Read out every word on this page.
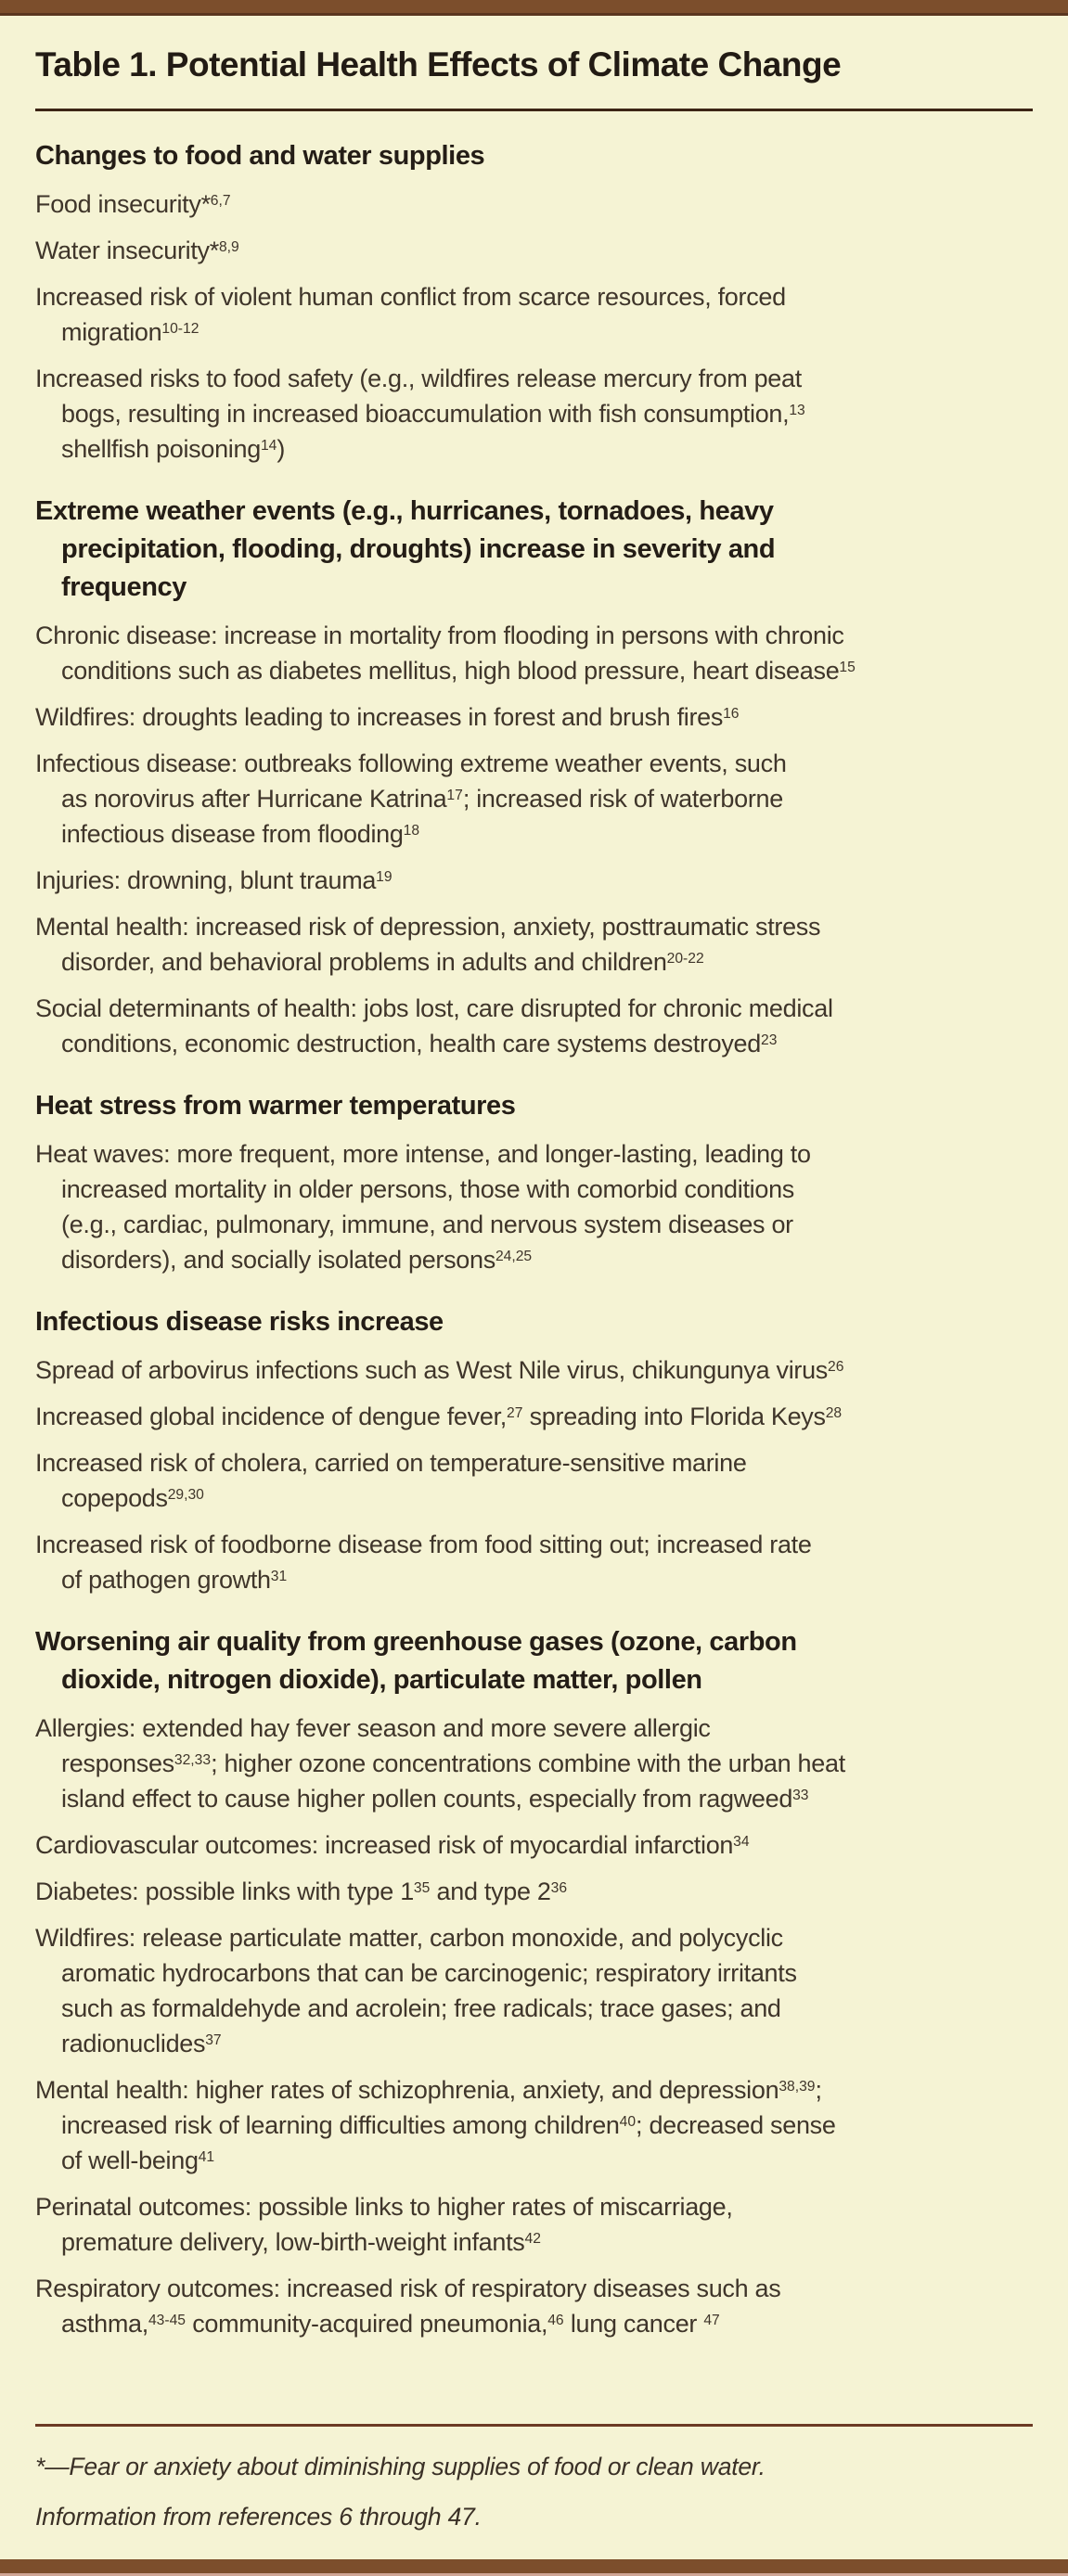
Table 1. Potential Health Effects of Climate Change
Changes to food and water supplies

Food insecurity*$^{6,7}$

Water insecurity*$^{8,9}$

Increased risk of violent human conflict from scarce resources, forced
migration$^{10-12}$

Increased risks to food safety (e.g., wildfires release mercury from peat
bogs, resulting in increased bioaccumulation with fish consumption,$^{13}$
shellfish poisoning$^{14}$)

Extreme weather events (e.g., hurricanes, tornadoes, heavy
precipitation, flooding, droughts) increase in severity and
frequency

Chronic disease: increase in mortality from flooding in persons with chronic
conditions such as diabetes mellitus, high blood pressure, heart disease$^{15}$

Wildfires: droughts leading to increases in forest and brush fires$^{16}$

Infectious disease: outbreaks following extreme weather events, such
as norovirus after Hurricane Katrina$^{17}$; increased risk of waterborne
infectious disease from flooding$^{18}$

Injuries: drowning, blunt trauma$^{19}$

Mental health: increased risk of depression, anxiety, posttraumatic stress
disorder, and behavioral problems in adults and children$^{20-22}$

Social determinants of health: jobs lost, care disrupted for chronic medical
conditions, economic destruction, health care systems destroyed$^{23}$

Heat stress from warmer temperatures

Heat waves: more frequent, more intense, and longer-lasting, leading to
increased mortality in older persons, those with comorbid conditions
(e.g., cardiac, pulmonary, immune, and nervous system diseases or
disorders), and socially isolated persons$^{24,25}$

Infectious disease risks increase

Spread of arbovirus infections such as West Nile virus, chikungunya virus$^{26}$

Increased global incidence of dengue fever,$^{27}$ spreading into Florida Keys$^{28}$

Increased risk of cholera, carried on temperature-sensitive marine
copepods$^{29,30}$

Increased risk of foodborne disease from food sitting out; increased rate
of pathogen growth$^{31}$

Worsening air quality from greenhouse gases (ozone, carbon
dioxide, nitrogen dioxide), particulate matter, pollen

Allergies: extended hay fever season and more severe allergic
responses$^{32,33}$; higher ozone concentrations combine with the urban heat
island effect to cause higher pollen counts, especially from ragweed$^{33}$

Cardiovascular outcomes: increased risk of myocardial infarction$^{34}$

Diabetes: possible links with type $1^{35}$ and type $2^{36}$

Wildfires: release particulate matter, carbon monoxide, and polycyclic
aromatic hydrocarbons that can be carcinogenic; respiratory irritants
such as formaldehyde and acrolein; free radicals; trace gases; and
radionuclides$^{37}$

Mental health: higher rates of schizophrenia, anxiety, and depression$^{38,39}$;
increased risk of learning difficulties among children$^{40}$; decreased sense
of well-being$^{41}$

Perinatal outcomes: possible links to higher rates of miscarriage,
premature delivery, low-birth-weight infants$^{42}$

Respiratory outcomes: increased risk of respiratory diseases such as
asthma,$^{43-45}$ community-acquired pneumonia,$^{46}$ lung cancer $^{47}$

*—Fear or anxiety about diminishing supplies of food or clean water.

Information from references 6 through 47.
